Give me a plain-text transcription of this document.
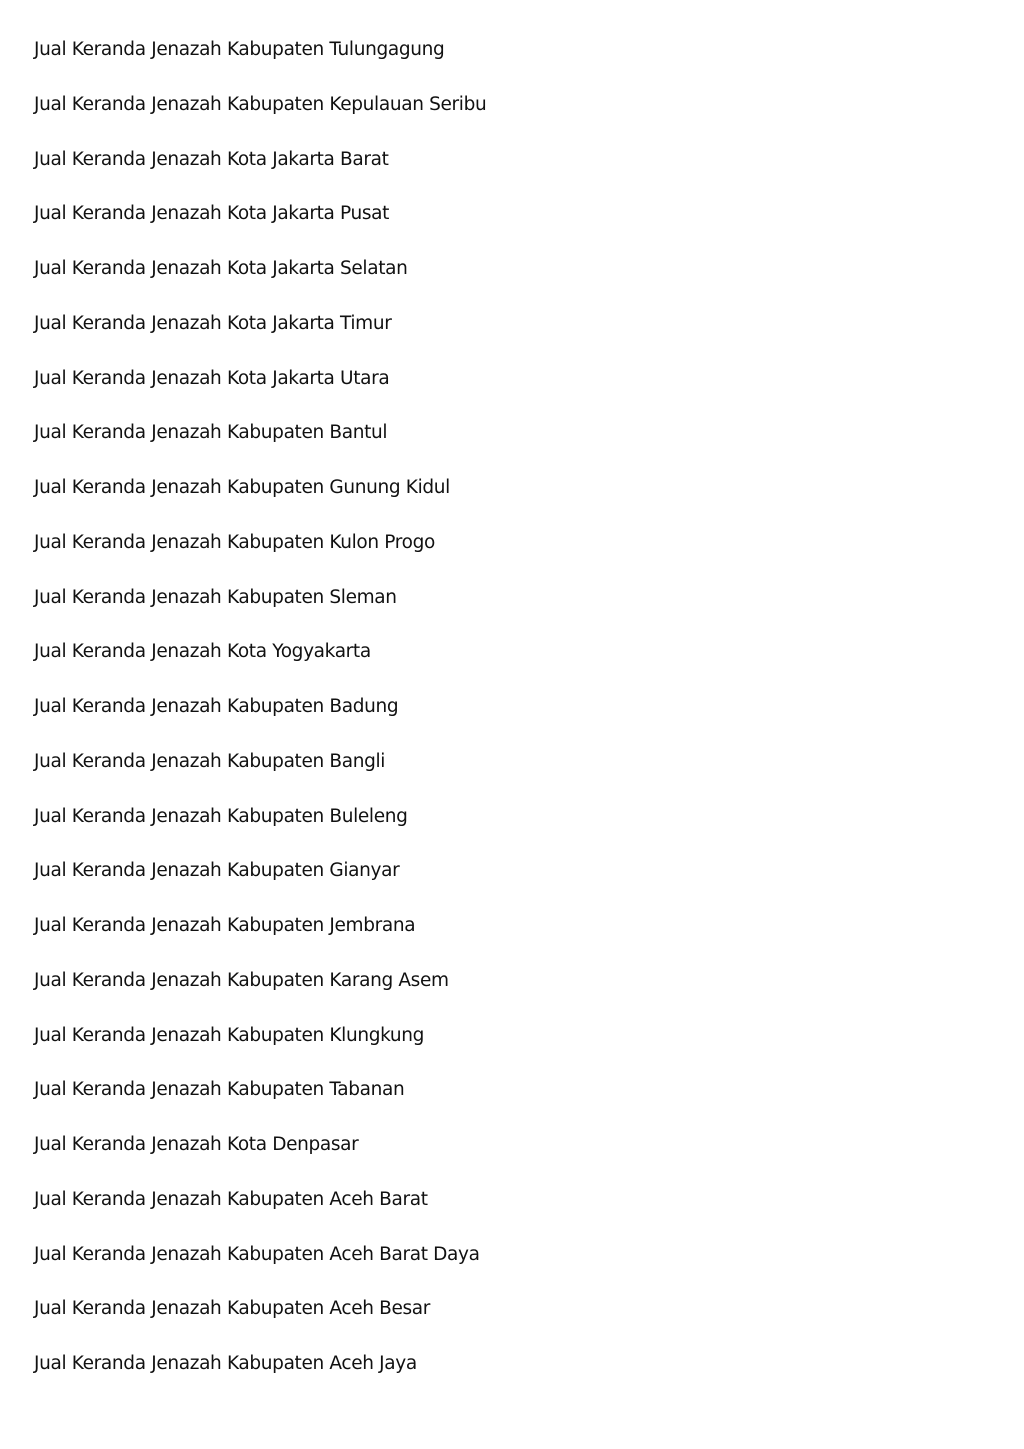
Jual Keranda Jenazah Kabupaten Tulungagung
Jual Keranda Jenazah Kabupaten Kepulauan Seribu
Jual Keranda Jenazah Kota Jakarta Barat
Jual Keranda Jenazah Kota Jakarta Pusat
Jual Keranda Jenazah Kota Jakarta Selatan
Jual Keranda Jenazah Kota Jakarta Timur
Jual Keranda Jenazah Kota Jakarta Utara
Jual Keranda Jenazah Kabupaten Bantul
Jual Keranda Jenazah Kabupaten Gunung Kidul
Jual Keranda Jenazah Kabupaten Kulon Progo
Jual Keranda Jenazah Kabupaten Sleman
Jual Keranda Jenazah Kota Yogyakarta
Jual Keranda Jenazah Kabupaten Badung
Jual Keranda Jenazah Kabupaten Bangli
Jual Keranda Jenazah Kabupaten Buleleng
Jual Keranda Jenazah Kabupaten Gianyar
Jual Keranda Jenazah Kabupaten Jembrana
Jual Keranda Jenazah Kabupaten Karang Asem
Jual Keranda Jenazah Kabupaten Klungkung
Jual Keranda Jenazah Kabupaten Tabanan
Jual Keranda Jenazah Kota Denpasar
Jual Keranda Jenazah Kabupaten Aceh Barat
Jual Keranda Jenazah Kabupaten Aceh Barat Daya
Jual Keranda Jenazah Kabupaten Aceh Besar
Jual Keranda Jenazah Kabupaten Aceh Jaya
